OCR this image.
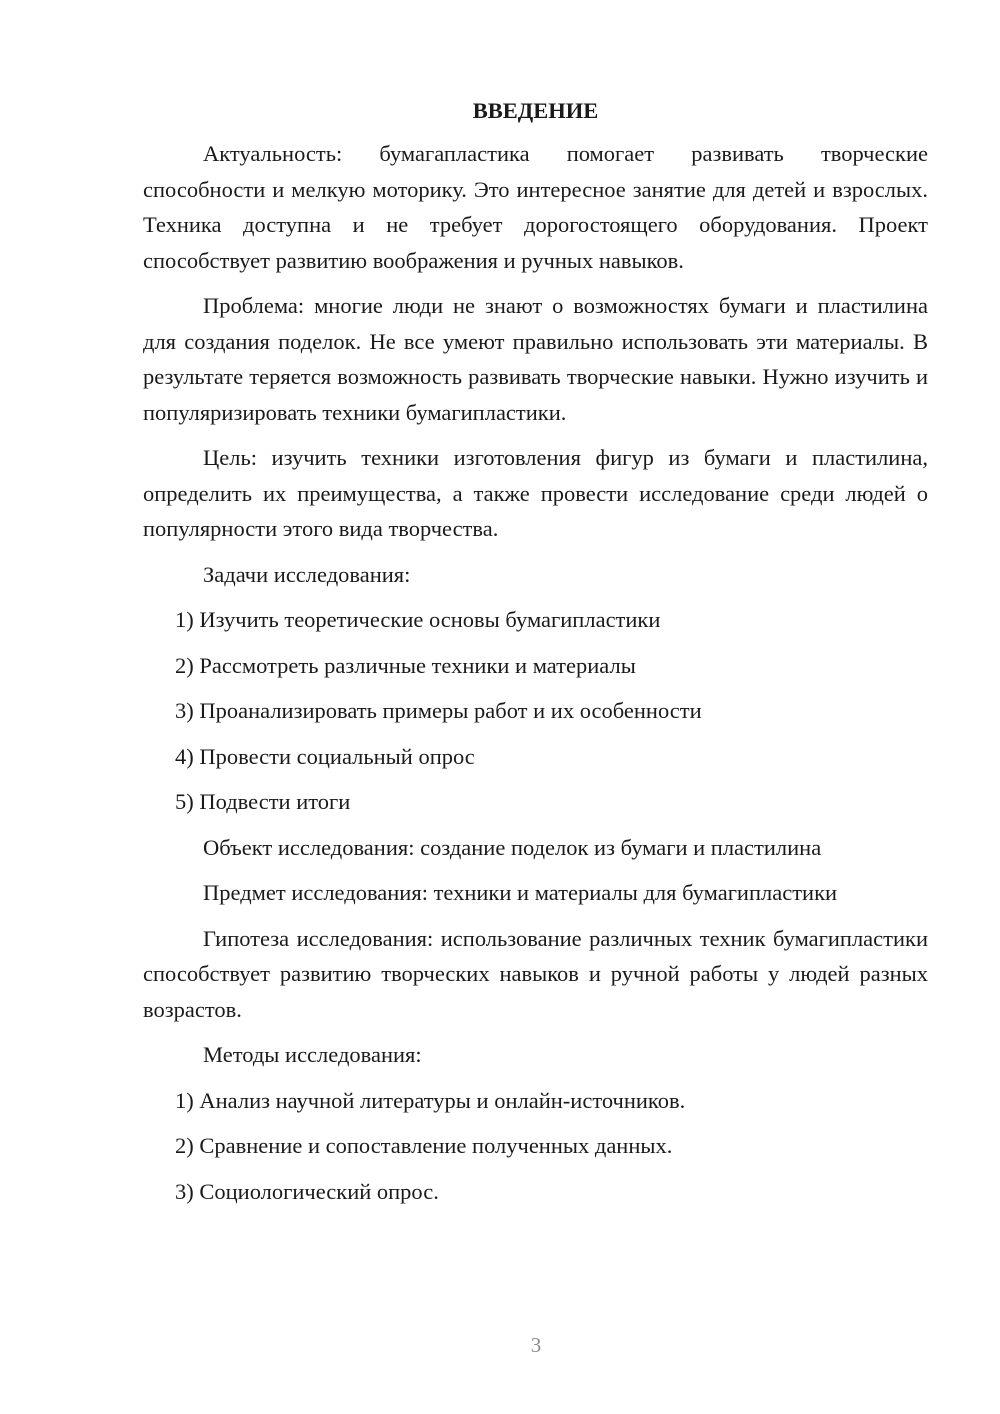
ВВЕДЕНИЕ
Актуальность: бумагапластика помогает развивать творческие способности и мелкую моторику. Это интересное занятие для детей и взрослых. Техника доступна и не требует дорогостоящего оборудования. Проект способствует развитию воображения и ручных навыков.
Проблема: многие люди не знают о возможностях бумаги и пластилина для создания поделок. Не все умеют правильно использовать эти материалы. В результате теряется возможность развивать творческие навыки. Нужно изучить и популяризировать техники бумагипластики.
Цель: изучить техники изготовления фигур из бумаги и пластилина, определить их преимущества, а также провести исследование среди людей о популярности этого вида творчества.
Задачи исследования:
1) Изучить теоретические основы бумагипластики
2) Рассмотреть различные техники и материалы
3) Проанализировать примеры работ и их особенности
4) Провести социальный опрос
5) Подвести итоги
Объект исследования: создание поделок из бумаги и пластилина
Предмет исследования: техники и материалы для бумагипластики
Гипотеза исследования: использование различных техник бумагипластики способствует развитию творческих навыков и ручной работы у людей разных возрастов.
Методы исследования:
1) Анализ научной литературы и онлайн-источников.
2) Сравнение и сопоставление полученных данных.
3) Социологический опрос.
3
